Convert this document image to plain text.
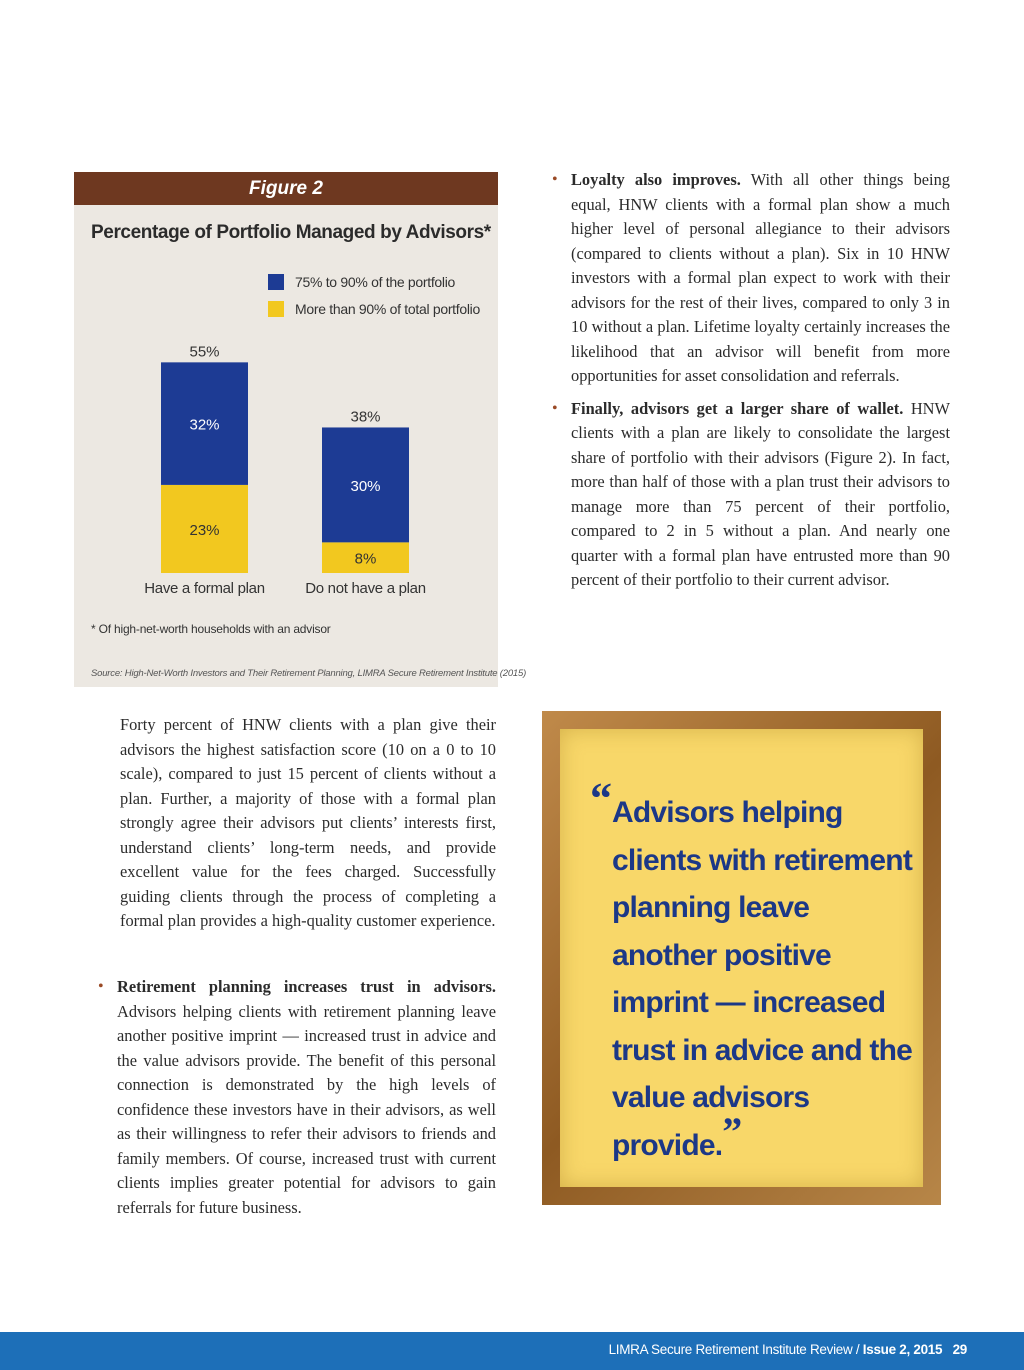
Figure 2
Percentage of Portfolio Managed by Advisors*
75% to 90% of the portfolio
More than 90% of total portfolio
23%
32%
55%
Have a formal plan
8%
30%
38%
Do not have a plan
* Of high-net-worth households with an advisor
Source: High-Net-Worth Investors and Their Retirement Planning, LIMRA Secure Retirement Institute (2015)
• Loyalty also improves. With all other things being equal, HNW clients with a formal plan show a much higher level of personal allegiance to their advisors (compared to clients without a plan). Six in 10 HNW investors with a formal plan expect to work with their advisors for the rest of their lives, compared to only 3 in 10 without a plan. Lifetime loyalty certainly increases the likelihood that an advisor will benefit from more opportunities for asset consolidation and referrals.
• Finally, advisors get a larger share of wallet. HNW clients with a plan are likely to consolidate the largest share of portfolio with their advisors (Figure 2). In fact, more than half of those with a plan trust their advisors to manage more than 75 percent of their portfolio, compared to 2 in 5 without a plan. And nearly one quarter with a formal plan have entrusted more than 90 percent of their portfolio to their current advisor.
Forty percent of HNW clients with a plan give their advisors the highest satisfaction score (10 on a 0 to 10 scale), compared to just 15 percent of clients without a plan. Further, a majority of those with a formal plan strongly agree their advisors put clients’ interests first, understand clients’ long-term needs, and provide excellent value for the fees charged. Successfully guiding clients through the process of completing a formal plan provides a high-quality customer experience.
• Retirement planning increases trust in advisors. Advisors helping clients with retirement planning leave another positive imprint — increased trust in advice and the value advisors provide. The benefit of this personal connection is demonstrated by the high levels of confidence these investors have in their advisors, as well as their willingness to refer their advisors to friends and family members. Of course, increased trust with current clients implies greater potential for advisors to gain referrals for future business.
“ Advisors helping clients with retirement planning leave another positive imprint — increased trust in advice and the value advisors provide.”
LIMRA Secure Retirement Institute Review / Issue 2, 2015 29
